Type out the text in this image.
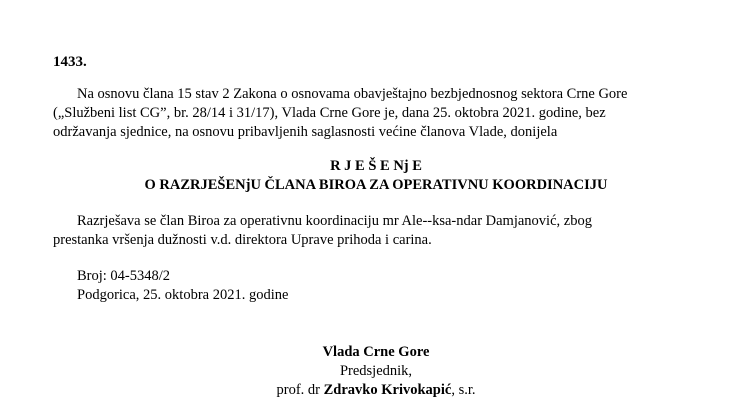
1433.
Na osnovu člana 15 stav 2 Zakona o osnovama obavještajno bezbjednosnog sektora Crne Gore
(„Službeni list CG”, br. 28/14 i 31/17), Vlada Crne Gore je, dana 25. oktobra 2021. godine, bez
održavanja sjednice, na osnovu pribavljenih saglasnosti većine članova Vlade, donijela
R J E Š E Nj E
O RAZRJEŠENjU ČLANA BIROA ZA OPERATIVNU KOORDINACIJU
Razrješava se član Biroa za operativnu koordinaciju mr Ale--ksa-ndar Damjanović, zbog
prestanka vršenja dužnosti v.d. direktora Uprave prihoda i carina.
Broj: 04-5348/2
Podgorica, 25. oktobra 2021. godine
Vlada Crne Gore
Predsjednik,
prof. dr Zdravko Krivokapić, s.r.
